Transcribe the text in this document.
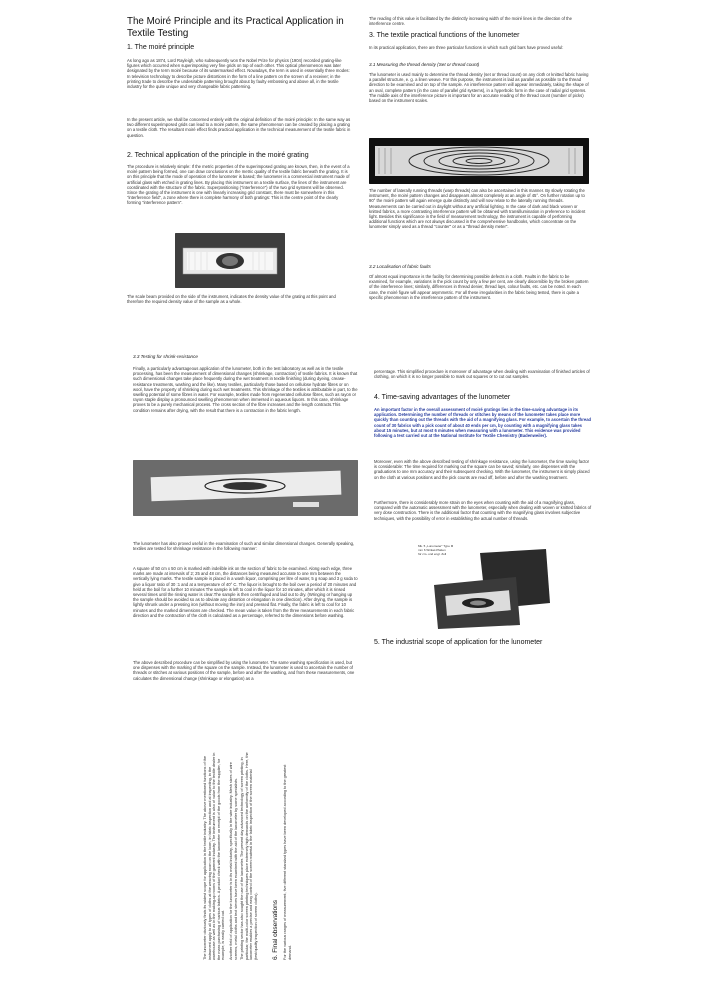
The Moiré Principle and its Practical Application in Textile Testing
1. The moiré principle
As long ago as 1874, Lord Rayleigh, who subsequently won the Nobel Prize for physics (1904) recorded grating-like figures which occurred when superimposing very fine grids on top of each other. This optical phenomenon was later designated by the term moiré because of its watermarked effect. Nowadays, the term is used in essentially three modes: In television technology to describe picture distortions in the form of a line pattern on the screen of a receiver; in the printing trade to describe the undesirable patterning brought about by faulty embossing and above all, in the textile industry for the quite unique and very changeable fabric patterning.
In the present article, we shall be concerned entirely with the original definition of the moiré principle: In the same way as two different superimposed grids can lead to a moiré pattern, the same phenomenon can be created by placing a grating on a textile cloth. The resultant moiré effect finds practical application in the technical measurement of the textile fabric in question.
2. Technical application of the principle in the moiré grating
The procedure is relatively simple: If the metric properties of the superimposed grating are known, then, in the event of a moiré pattern being formed, one can draw conclusions on the metric quality of the textile fabric beneath the grating. It is on this principle that the mode of operation of the lunometer is based; the lunometer is a commercial instrument made of artificial glass with etched in grating lines. By placing this instrument on a textile surface, the lines of the instrument are coordinated with the structure of the fabric. Superpositioning ("interference") of the two grid systems will be observed. Since the grating of the instrument is one with linearly increasing grid constant, there must be somewhere in this "interference field", a zone where there is complete harmony of both gratings: This is the centre point of the clearly forming "interference pattern".
The scale beam provided on the side of the instrument, indicates the density value of the grating at this point and therefore the required density value of the sample as a whole.
The reading of this value is facilitated by the distinctly increasing width of the moiré lines in the direction of the interference centre.
3. The textile practical functions of the lunometer
In its practical application, there are three particular functions in which such grid bars have proved useful:
3.1 Measuring the thread density (Set or thread count)
The lunometer is used mainly to determine the thread density (set or thread count) on any cloth or knitted fabric having a parallel structure, e. g. a linen weave. For this purpose, the instrument is laid as parallel as possible to the thread direction to be examined and on top of the sample. An interference pattern will appear immediately, taking the shape of an oval, complete pattern (in the case of parallel grid systems), in a hyperbolic form in the case of radial grid systems. The middle axis of the interference picture is important for an accurate reading of the thread count (number of picks) based on the instrument scales.
The number of laterally running threads (warp threads) can also be ascertained in this manner. By slowly rotating the instrument, the moiré pattern changes and disappears almost completely at an angle of 45°. On further rotation up to 90° the moiré pattern will again emerge quite distinctly and will now relate to the laterally running threads. Measurements can be carried out in daylight without any artificial lighting. In the case of dark and black woven or knitted fabrics, a more contrasting interference pattern will be obtained with transillumination in preference to incident light. Besides this significance in the field of measurement technology, the instrument is capable of performing additional functions which are not always discussed in the comprehensive handbooks, which concentrate on the lunometer simply used as a thread "counter" or as a "thread density meter".
3.2 Localisation of fabric faults
Of almost equal importance is the facility for determining possible defects in a cloth. Faults in the fabric to be examined, for example, variations in the pick count by only a few per cent, are clearly discernible by the broken pattern of the interference lines; similarly, differences in thread denier, thread lays, colour faults, etc. can be noted. In each case, the moiré figure will appear asymmetric. For all these irregularities in the fabric being tested, there is quite a specific phenomenon in the interference pattern of the instrument.
3.3 Testing for shrink-resistance
Finally, a particularly advantageous application of the lunometer, both in the test laboratory as well as in the textile processing, has been the measurement of dimensional changes (shrinkage, contraction) of textile fabrics. It is known that such dimensional changes take place frequently during the wet treatment in textile finishing (during dyeing, crease-resistance treatments, washing and the like). Many textiles, particularly those based on cellulose hydrate fibres or on wool, have the property of shrinking during such wet treatments. This shrinkage of the textiles is attributable in part, to the swelling potential of some fibres in water. For example, textiles made from regenerated cellulose fibres, such as rayon or rayon staple display a pronounced swelling phenomenon when immersed in aqueous liquors. In this case, shrinkage proves to be a purely mechanical process. The cross section of the fibre increases and the length contracts.This condition remains after drying, with the result that there is a contraction in the fabric length.
The lunometer has also proved useful in the examination of such and similar dimensional changes. Generally speaking, textiles are tested for shrinkage resistance in the following manner:
A square of 50 cm x 50 cm is marked with indelible ink on the section of fabric to be examined. Along each edge, three marks are made at intervals of 2; 25 and 48 cm, the distances being measured accurate to one mm between the vertically lying marks. The textile sample is placed in a wash liquor, comprising per litre of water, 5 g soap and 3 g soda to give a liquor ratio of 30 :1 and at a temperature of 40° C. The liquor is brought to the boil over a period of 20 minutes and held at the boil for a further 10 minutes The sample is left to cool in the liquor for 10 minutes, after which it is rinsed several times until the rinsing water is clear.The sample is then centrifuged and laid out to dry. (Wringing or hanging up the sample should be avoided so as to obviate any distortion or elongation in one direction). After drying, the sample is lightly shrunk under a pressing iron (without moving the iron) and pressed flat. Finally, the fabric is left to cool for 10 minutes and the marked dimensions are checked. The mean value is taken from the three measurements in each fabric direction and the contraction of the cloth is calculated as a percentage, referred to the dimensions before washing.
The above described procedure can be simplified by using the lunometer. The same washing specification is used, but one dispenses with the marking of the square on the sample. Instead, the lunometer is used to ascertain the number of threads or stitches at various positions of the sample, before and after the washing, and from these measurements, one calculates the dimensional change (shrinkage or elongation) as a
percentage. This simplified procedure is moreover of advantage when dealing with examination of finished articles of clothing, on which it is no longer possible to mark out squares or to cut out samples.
4. Time-saving advantages of the lunometer
An important factor in the overall assessment of moiré gratings lies in the time-saving advantage in its application. Determining the number of threads or stitches by means of the lunometer takes place more quickly than counting out the threads with the aid of a magnifying glass. For example, to ascertain the thread count of 30 fabrics with a pick count of about 40 ends per cm, by counting with a magnifying glass takes about 15 minutes, but at most 6 minutes when measuring with a lunometer. This evidence was provided following a test carried out at the National Institute for Textile Chemistry (Badenweiler).
Moreover, even with the above described testing of shrinkage resistance, using the lunometer, the time saving factor is considerable: The time required for marking out the square can be saved; similarly, one dispenses with the graduations to one mm accuracy and their subsequent checking. With the lunometer, the instrument is simply placed on the cloth at various positions and the pick counts are read off, before and after the washing treatment.
Furthermore, there is considerably more strain on the eyes when counting with the aid of a magnifying glass, compared with the automatic assessment with the lunometer, especially when dealing with woven or knitted fabrics of very dose construction. There is the additional factor that counting with the magnifying glass involves subjective techniques, with the possibility of error in establishing the actual number of threads.
Mk. 5 „Lunometer" Type M
mm 6 Winkel-Platten
für cm- und engl. Zoll
5. The industrial scope of application for the lunometer
The lunometer obviously finds its widest scope for application in the textile industry. The above mentioned functions of the instrument apply to all types of cloths at the weaving room on the loom, in fabric inspection and at inspecting, in the warehouse as well as in the making-up rooms of the garment industry. The instrument is also of value to the textile dealer in the mass purchasing of various fabrics. A product check with the lunometer on receipt of the goods from the supplier, for example, is easily carried out. Another field of application for the lunometer is in its metal industry, specifically in the wire industry. Mesh sizes of wire screens, metal cloths and text sieves have been examined with the aid of the lunometer by some specialists. The printing sector has also sought the use of the lunometer. The present day advanced technology of screen printing, in particular, the multi-color screen printing techniques place extremely high demands on the uniformity of the cloths. Here, the lunometer enables a precise and easy control of the screen material in the fabric inspection of the screen material (test/quality inspection of screen cloths). 6. Final observations For the various ranges of measurement, five different standard types have been developed according to the greatest demand.
